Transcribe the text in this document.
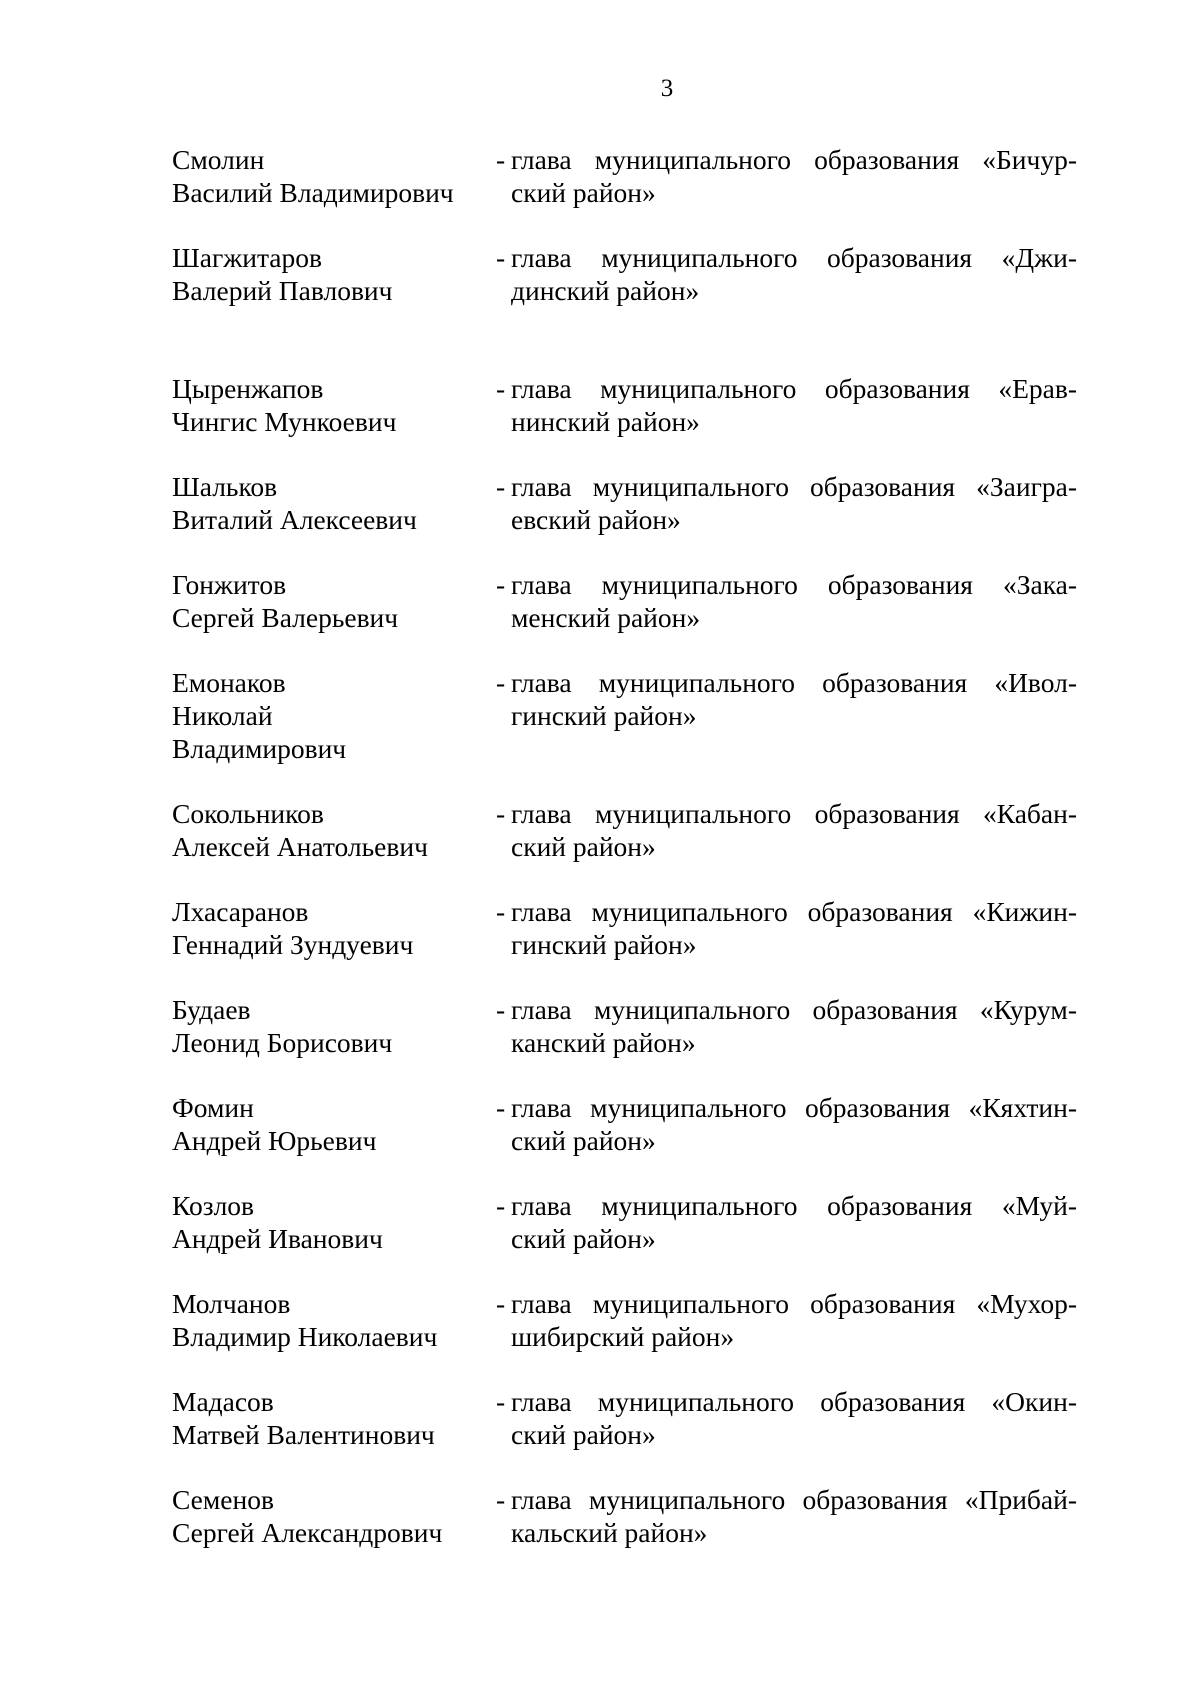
3
Смолин
Василий Владимирович
- глава муниципального образования «Бичур-
ский район»
Шагжитаров
Валерий Павлович
- глава муниципального образования «Джи-
динский район»
Цыренжапов
Чингис Мункоевич
- глава муниципального образования «Ерав-
нинский район»
Шальков
Виталий Алексеевич
- глава муниципального образования «Заигра-
евский район»
Гонжитов
Сергей Валерьевич
- глава муниципального образования «Зака-
менский район»
Емонаков
Николай
Владимирович
- глава муниципального образования «Ивол-
гинский район»
Сокольников
Алексей Анатольевич
- глава муниципального образования «Кабан-
ский район»
Лхасаранов
Геннадий Зундуевич
- глава муниципального образования «Кижин-
гинский район»
Будаев
Леонид Борисович
- глава муниципального образования «Курум-
канский район»
Фомин
Андрей Юрьевич
- глава муниципального образования «Кяхтин-
ский район»
Козлов
Андрей Иванович
- глава муниципального образования «Муй-
ский район»
Молчанов
Владимир Николаевич
- глава муниципального образования «Мухор-
шибирский район»
Мадасов
Матвей Валентинович
- глава муниципального образования «Окин-
ский район»
Семенов
Сергей Александрович
- глава муниципального образования «Прибай-
кальский район»
